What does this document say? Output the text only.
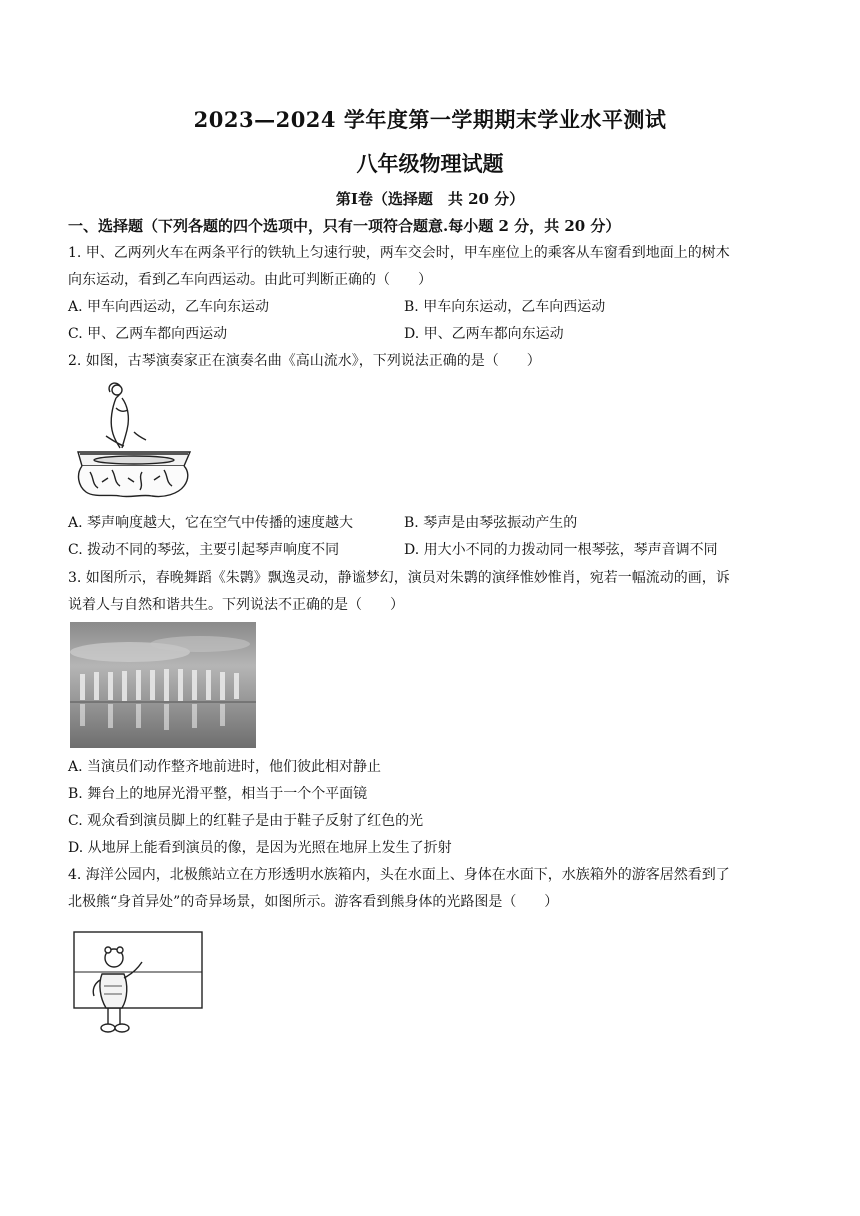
2023—2024 学年度第一学期期末学业水平测试
八年级物理试题
第Ⅰ卷（选择题　共 20 分）
一、选择题（下列各题的四个选项中，只有一项符合题意.每小题 2 分，共 20 分）
1. 甲、乙两列火车在两条平行的铁轨上匀速行驶，两车交会时，甲车座位上的乘客从车窗看到地面上的树木
向东运动，看到乙车向西运动。由此可判断正确的（　　）
A. 甲车向西运动，乙车向东运动	B. 甲车向东运动，乙车向西运动
C. 甲、乙两车都向西运动	D. 甲、乙两车都向东运动
2. 如图，古琴演奏家正在演奏名曲《高山流水》，下列说法正确的是（　　）
A. 琴声响度越大，它在空气中传播的速度越大	B. 琴声是由琴弦振动产生的
C. 拨动不同的琴弦，主要引起琴声响度不同	D. 用大小不同的力拨动同一根琴弦，琴声音调不同
3. 如图所示，春晚舞蹈《朱鹮》飘逸灵动，静谧梦幻，演员对朱鹮的演绎惟妙惟肖，宛若一幅流动的画，诉
说着人与自然和谐共生。下列说法不正确的是（　　）
A. 当演员们动作整齐地前进时，他们彼此相对静止
B. 舞台上的地屏光滑平整，相当于一个个平面镜
C. 观众看到演员脚上的红鞋子是由于鞋子反射了红色的光
D. 从地屏上能看到演员的像，是因为光照在地屏上发生了折射
4. 海洋公园内，北极熊站立在方形透明水族箱内，头在水面上、身体在水面下，水族箱外的游客居然看到了
北极熊“身首异处”的奇异场景，如图所示。游客看到熊身体的光路图是（　　）
